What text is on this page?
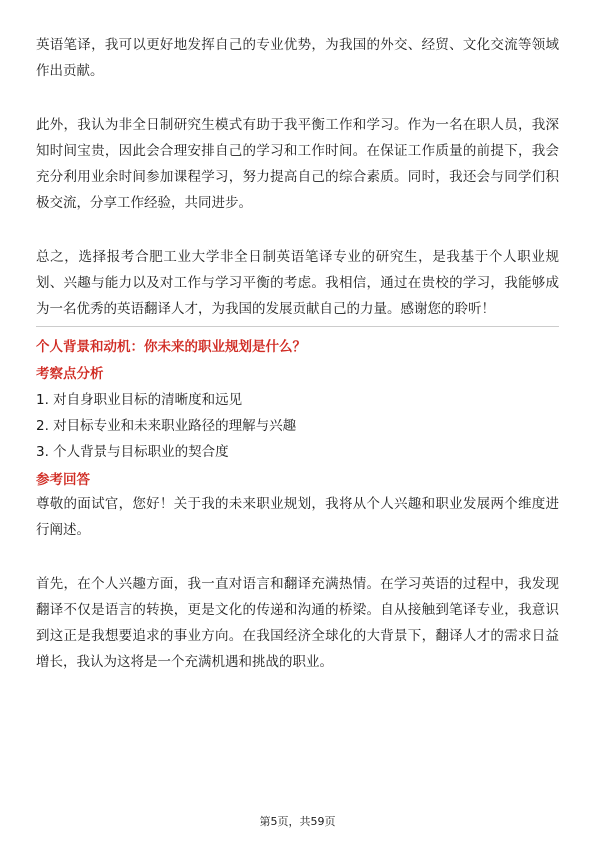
英语笔译，我可以更好地发挥自己的专业优势，为我国的外交、经贸、文化交流等领域作出贡献。

此外，我认为非全日制研究生模式有助于我平衡工作和学习。作为一名在职人员，我深知时间宝贵，因此会合理安排自己的学习和工作时间。在保证工作质量的前提下，我会充分利用业余时间参加课程学习，努力提高自己的综合素质。同时，我还会与同学们积极交流，分享工作经验，共同进步。

总之，选择报考合肥工业大学非全日制英语笔译专业的研究生，是我基于个人职业规划、兴趣与能力以及对工作与学习平衡的考虑。我相信，通过在贵校的学习，我能够成为一名优秀的英语翻译人才，为我国的发展贡献自己的力量。感谢您的聆听！

个人背景和动机：你未来的职业规划是什么？
考察点分析
1. 对自身职业目标的清晰度和远见
2. 对目标专业和未来职业路径的理解与兴趣
3. 个人背景与目标职业的契合度
参考回答

尊敬的面试官，您好！关于我的未来职业规划，我将从个人兴趣和职业发展两个维度进行阐述。

首先，在个人兴趣方面，我一直对语言和翻译充满热情。在学习英语的过程中，我发现翻译不仅是语言的转换，更是文化的传递和沟通的桥梁。自从接触到笔译专业，我意识到这正是我想要追求的事业方向。在我国经济全球化的大背景下，翻译人才的需求日益增长，我认为这将是一个充满机遇和挑战的职业。

第5页，共59页
